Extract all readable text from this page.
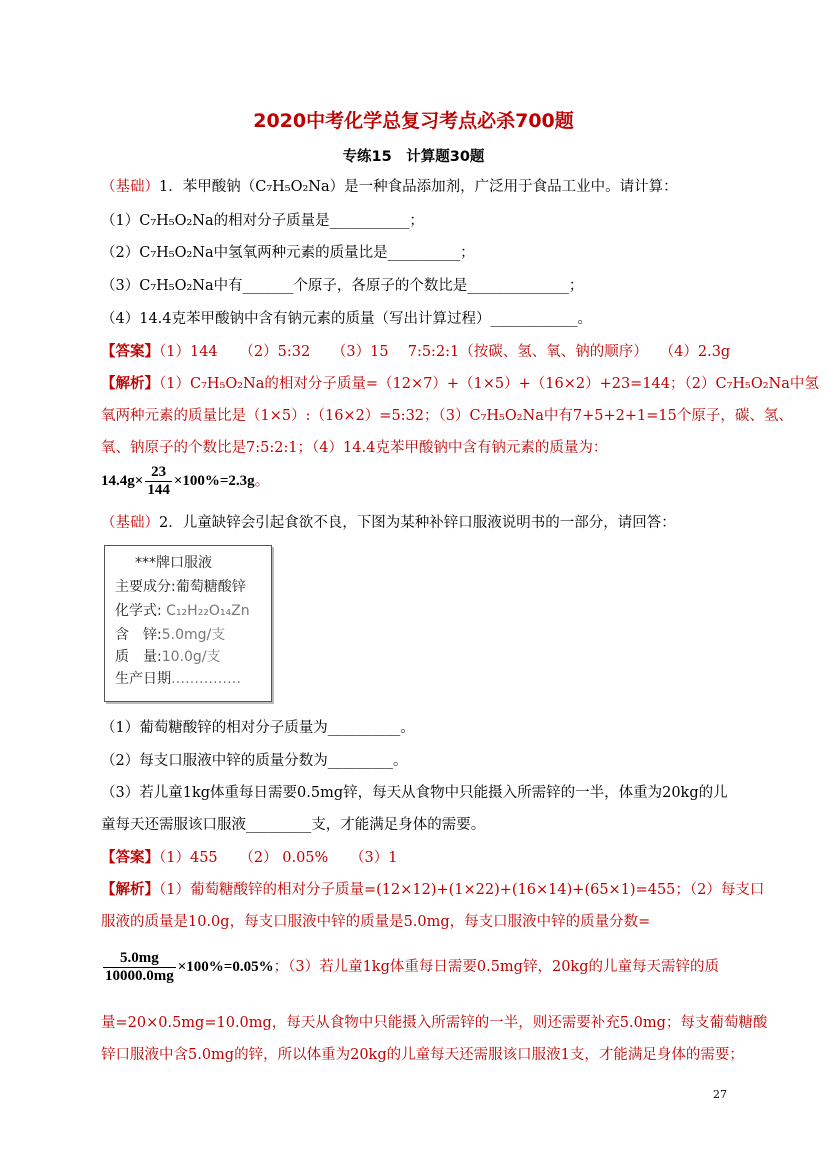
2020中考化学总复习考点必杀700题
专练15　计算题30题
（基础）1．苯甲酸钠（C₇H₅O₂Na）是一种食品添加剂，广泛用于食品工业中。请计算：
（1）C₇H₅O₂Na的相对分子质量是___________；
（2）C₇H₅O₂Na中氢氧两种元素的质量比是__________；
（3）C₇H₅O₂Na中有_______个原子，各原子的个数比是______________；
（4）14.4克苯甲酸钠中含有钠元素的质量（写出计算过程）____________。
【答案】（1）144　　（2）5:32　　（3）15　 7:5:2:1（按碳、氢、氧、钠的顺序）　 （4）2.3g
【解析】（1）C₇H₅O₂Na的相对分子质量=（12×7）+（1×5）+（16×2）+23=144；（2）C₇H₅O₂Na中氢
氧两种元素的质量比是（1×5）:（16×2）=5:32；（3）C₇H₅O₂Na中有7+5+2+1=15个原子，碳、氢、
氧、钠原子的个数比是7:5:2:1；（4）14.4克苯甲酸钠中含有钠元素的质量为：
$14.4g\times \frac{23}{144} \times 100\%=2.3g$。
（基础）2．儿童缺锌会引起食欲不良，下图为某种补锌口服液说明书的一部分，请回答：
***牌口服液
主要成分:葡萄糖酸锌
化学式: C₁₂H₂₂O₁₄Zn
含　锌:5.0mg/支
质　量:10.0g/支
生产日期……………
（1）葡萄糖酸锌的相对分子质量为__________。
（2）每支口服液中锌的质量分数为_________。
（3）若儿童1kg体重每日需要0.5mg锌，每天从食物中只能摄入所需锌的一半，体重为20kg的儿
童每天还需服该口服液_________支，才能满足身体的需要。
【答案】（1）455　　（2） 0.05%　　（3）1
【解析】（1）葡萄糖酸锌的相对分子质量=(12×12)+(1×22)+(16×14)+(65×1)=455；（2）每支口
服液的质量是10.0g，每支口服液中锌的质量是5.0mg，每支口服液中锌的质量分数=
$\frac{5.0mg}{10000.0mg} \times 100\%=0.05\%$；（3）若儿童1kg体重每日需要0.5mg锌，20kg的儿童每天需锌的质
量=20×0.5mg=10.0mg，每天从食物中只能摄入所需锌的一半，则还需要补充5.0mg；每支葡萄糖酸
锌口服液中含5.0mg的锌，所以体重为20kg的儿童每天还需服该口服液1支，才能满足身体的需要；
27
